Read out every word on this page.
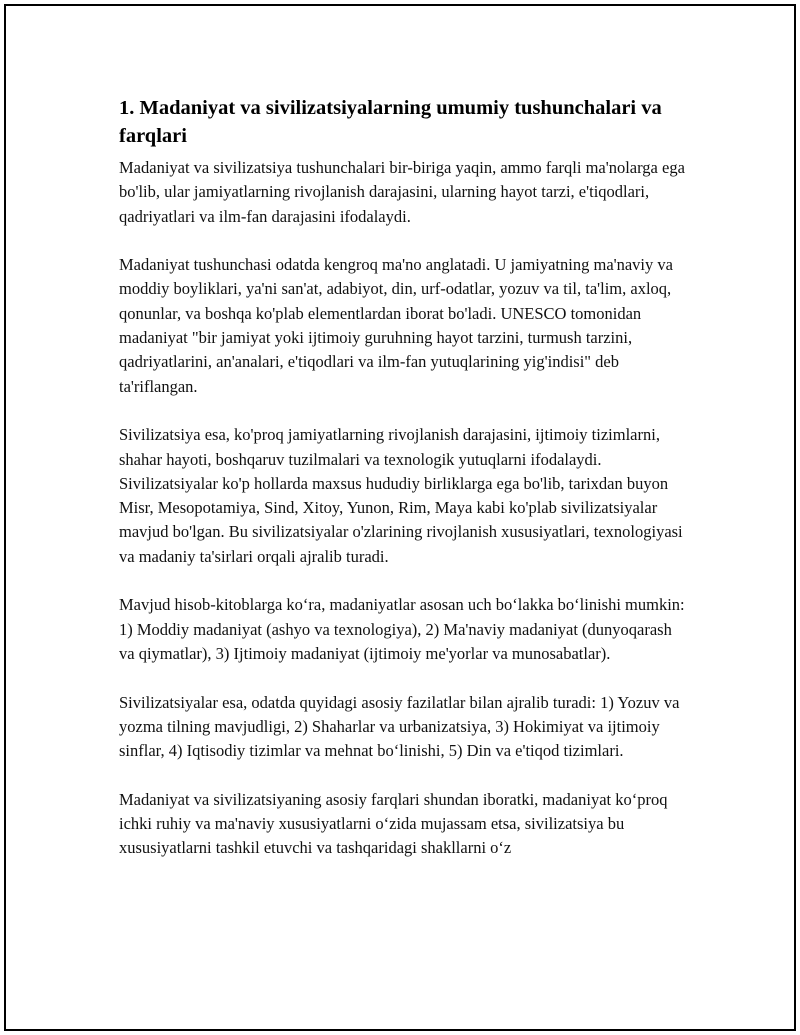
1. Madaniyat va sivilizatsiyalarning umumiy tushunchalari va farqlari

Madaniyat va sivilizatsiya tushunchalari bir-biriga yaqin, ammo farqli ma'nolarga ega bo'lib, ular jamiyatlarning rivojlanish darajasini, ularning hayot tarzi, e'tiqodlari, qadriyatlari va ilm-fan darajasini ifodalaydi.

Madaniyat tushunchasi odatda kengroq ma'no anglatadi. U jamiyatning ma'naviy va moddiy boyliklari, ya'ni san'at, adabiyot, din, urf-odatlar, yozuv va til, ta'lim, axloq, qonunlar, va boshqa ko'plab elementlardan iborat bo'ladi. UNESCO tomonidan madaniyat "bir jamiyat yoki ijtimoiy guruhning hayot tarzini, turmush tarzini, qadriyatlarini, an'analari, e'tiqodlari va ilm-fan yutuqlarining yig'indisi" deb ta'riflangan.

Sivilizatsiya esa, ko'proq jamiyatlarning rivojlanish darajasini, ijtimoiy tizimlarni, shahar hayoti, boshqaruv tuzilmalari va texnologik yutuqlarni ifodalaydi. Sivilizatsiyalar ko'p hollarda maxsus hududiy birliklarga ega bo'lib, tarixdan buyon Misr, Mesopotamiya, Sind, Xitoy, Yunon, Rim, Maya kabi ko'plab sivilizatsiyalar mavjud bo'lgan. Bu sivilizatsiyalar o'zlarining rivojlanish xususiyatlari, texnologiyasi va madaniy ta'sirlari orqali ajralib turadi.

Mavjud hisob-kitoblarga ko‘ra, madaniyatlar asosan uch bo‘lakka bo‘linishi mumkin: 1) Moddiy madaniyat (ashyo va texnologiya), 2) Ma'naviy madaniyat (dunyoqarash va qiymatlar), 3) Ijtimoiy madaniyat (ijtimoiy me'yorlar va munosabatlar).

Sivilizatsiyalar esa, odatda quyidagi asosiy fazilatlar bilan ajralib turadi: 1) Yozuv va yozma tilning mavjudligi, 2) Shaharlar va urbanizatsiya, 3) Hokimiyat va ijtimoiy sinflar, 4) Iqtisodiy tizimlar va mehnat bo‘linishi, 5) Din va e'tiqod tizimlari.

Madaniyat va sivilizatsiyaning asosiy farqlari shundan iboratki, madaniyat ko‘proq ichki ruhiy va ma'naviy xususiyatlarni o‘zida mujassam etsa, sivilizatsiya bu xususiyatlarni tashkil etuvchi va tashqaridagi shakllarni o‘z
